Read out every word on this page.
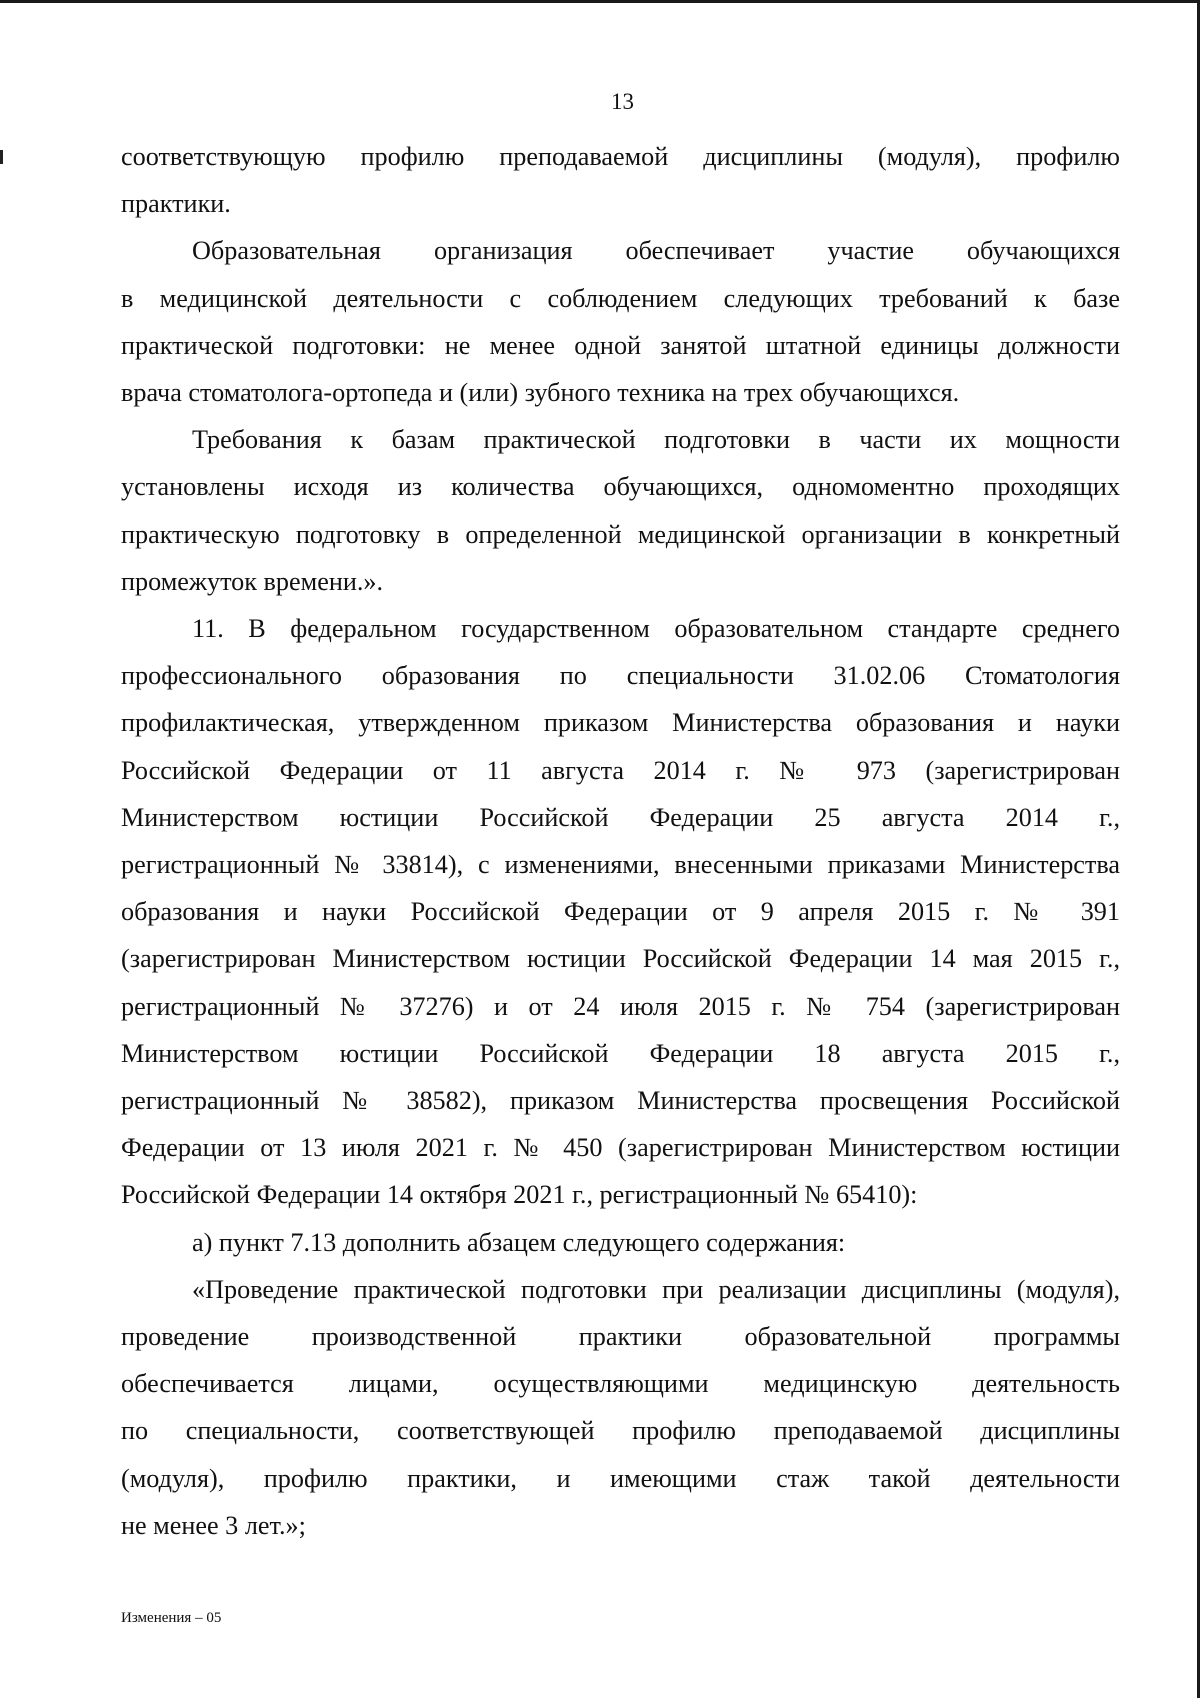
13
соответствующую профилю преподаваемой дисциплины (модуля), профилю
практики.
Образовательная организация обеспечивает участие обучающихся
в медицинской деятельности с соблюдением следующих требований к базе
практической подготовки: не менее одной занятой штатной единицы должности
врача стоматолога-ортопеда и (или) зубного техника на трех обучающихся.
Требования к базам практической подготовки в части их мощности
установлены исходя из количества обучающихся, одномоментно проходящих
практическую подготовку в определенной медицинской организации в конкретный
промежуток времени.».
11. В федеральном государственном образовательном стандарте среднего
профессионального образования по специальности 31.02.06 Стоматология
профилактическая, утвержденном приказом Министерства образования и науки
Российской Федерации от 11 августа 2014 г. № 973 (зарегистрирован
Министерством юстиции Российской Федерации 25 августа 2014 г.,
регистрационный № 33814), с изменениями, внесенными приказами Министерства
образования и науки Российской Федерации от 9 апреля 2015 г. № 391
(зарегистрирован Министерством юстиции Российской Федерации 14 мая 2015 г.,
регистрационный № 37276) и от 24 июля 2015 г. № 754 (зарегистрирован
Министерством юстиции Российской Федерации 18 августа 2015 г.,
регистрационный № 38582), приказом Министерства просвещения Российской
Федерации от 13 июля 2021 г. № 450 (зарегистрирован Министерством юстиции
Российской Федерации 14 октября 2021 г., регистрационный № 65410):
а) пункт 7.13 дополнить абзацем следующего содержания:
«Проведение практической подготовки при реализации дисциплины (модуля),
проведение производственной практики образовательной программы
обеспечивается лицами, осуществляющими медицинскую деятельность
по специальности, соответствующей профилю преподаваемой дисциплины
(модуля), профилю практики, и имеющими стаж такой деятельности
не менее 3 лет.»;
Изменения – 05
